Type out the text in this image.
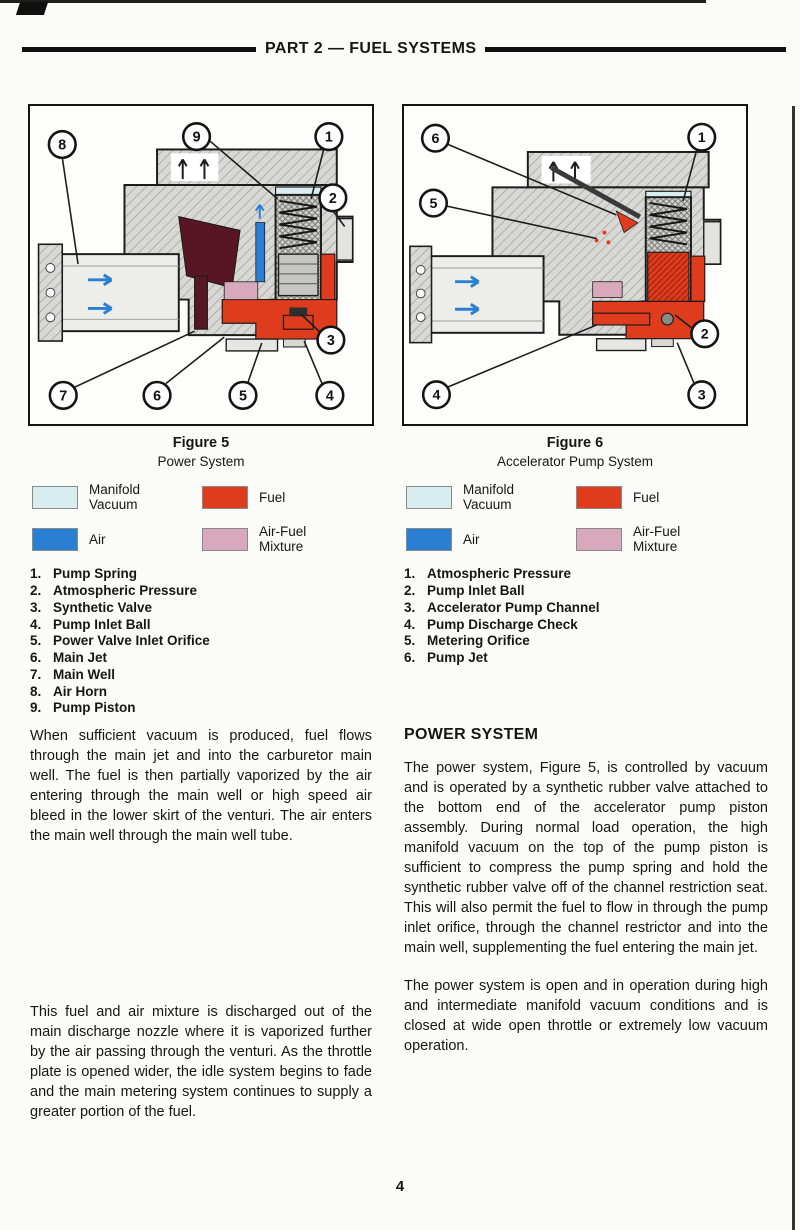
PART 2 — FUEL SYSTEMS
8	9	1
2
3
7	6	5	4
Figure 5
Power System
Manifold Vacuum
Fuel
Air
Air-Fuel Mixture
1. Pump Spring
2. Atmospheric Pressure
3. Synthetic Valve
4. Pump Inlet Ball
5. Power Valve Inlet Orifice
6. Main Jet
7. Main Well
8. Air Horn
9. Pump Piston
6	1
5
2
4	3
Figure 6
Accelerator Pump System
Manifold Vacuum
Fuel
Air
Air-Fuel Mixture
1. Atmospheric Pressure
2. Pump Inlet Ball
3. Accelerator Pump Channel
4. Pump Discharge Check
5. Metering Orifice
6. Pump Jet

When sufficient vacuum is produced, fuel flows through the main jet and into the carburetor main well. The fuel is then partially vaporized by the air entering through the main well or high speed air bleed in the lower skirt of the venturi. The air enters the main well through the main well tube.

This fuel and air mixture is discharged out of the main discharge nozzle where it is vaporized further by the air passing through the venturi. As the throttle plate is opened wider, the idle system begins to fade and the main metering system continues to supply a greater portion of the fuel.

POWER SYSTEM

The power system, Figure 5, is controlled by vacuum and is operated by a synthetic rubber valve attached to the bottom end of the accelerator pump piston assembly. During normal load operation, the high manifold vacuum on the top of the pump piston is sufficient to compress the pump spring and hold the synthetic rubber valve off of the channel restriction seat. This will also permit the fuel to flow in through the pump inlet orifice, through the channel restrictor and into the main well, supplementing the fuel entering the main jet.

The power system is open and in operation during high and intermediate manifold vacuum conditions and is closed at wide open throttle or extremely low vacuum operation.

4
